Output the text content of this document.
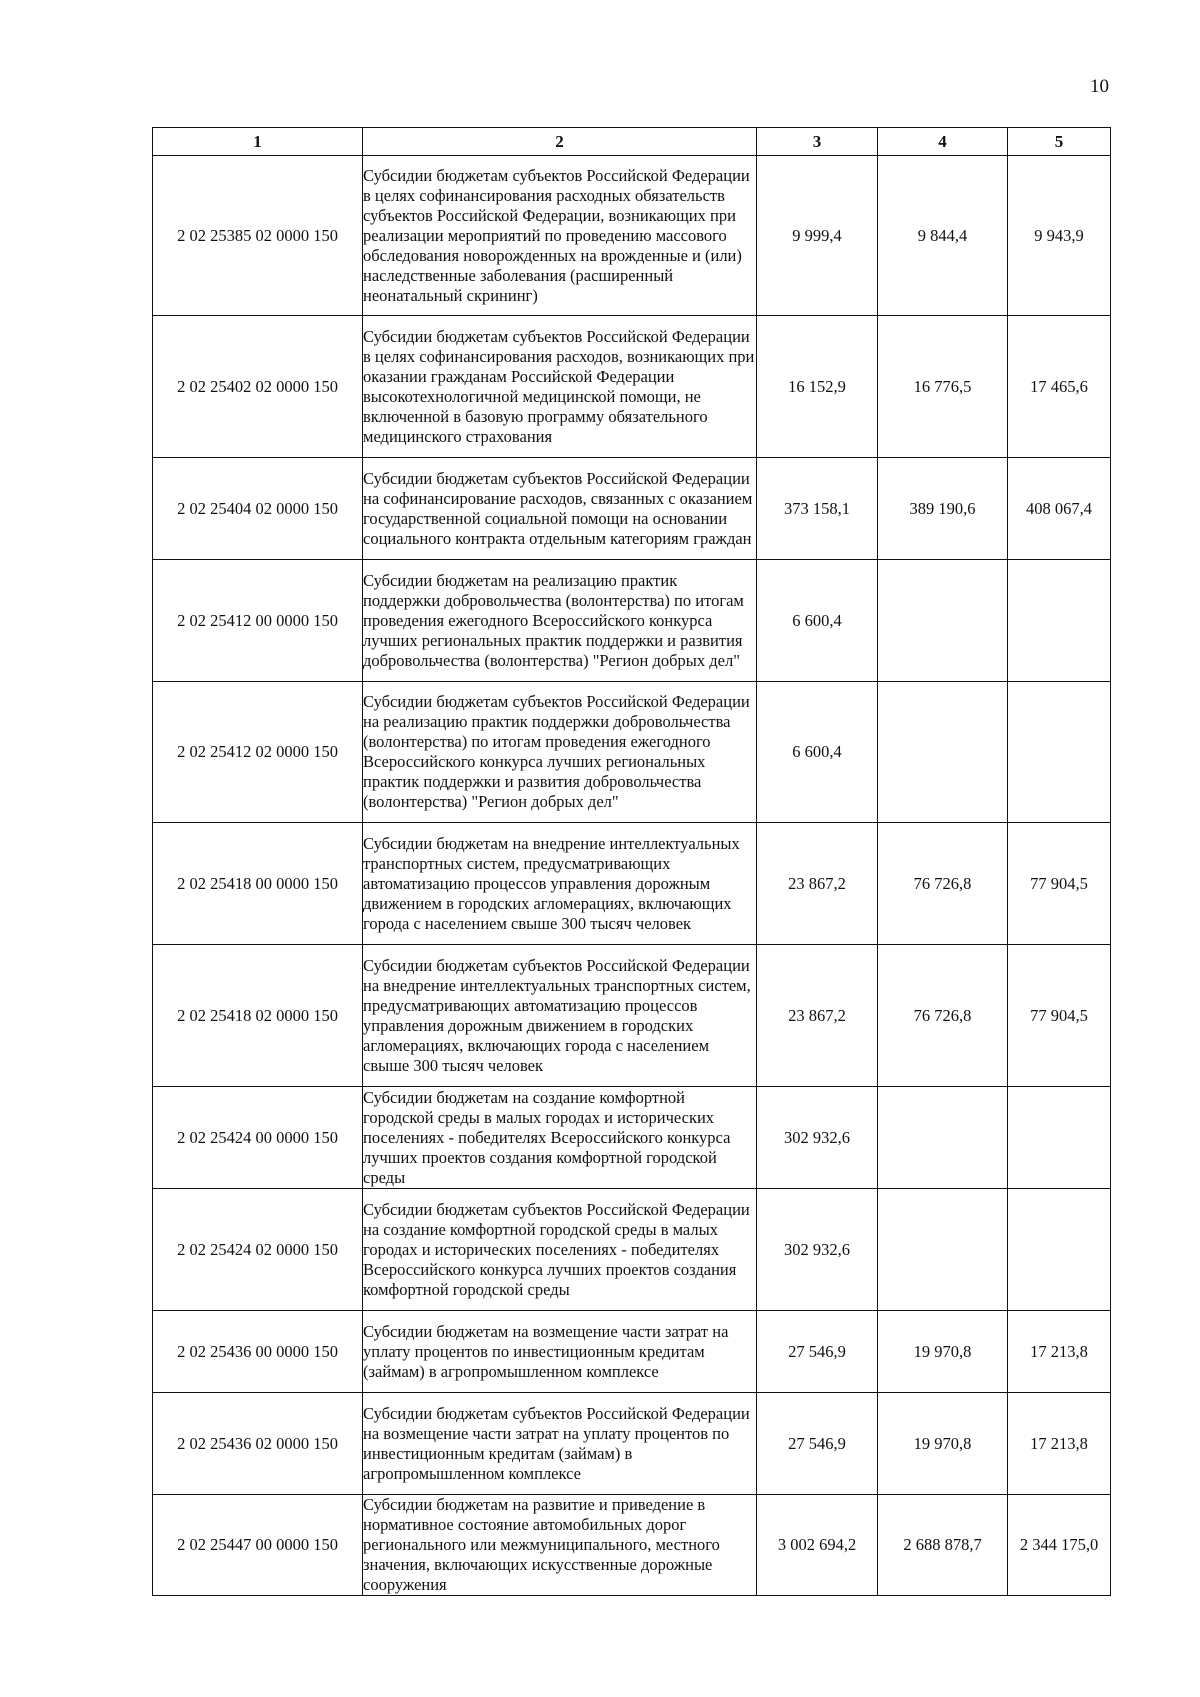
10
1	2	3	4	5
2 02 25385 02 0000 150	Субсидии бюджетам субъектов Российской Федерации в целях софинансирования расходных обязательств субъектов Российской Федерации, возникающих при реализации мероприятий по проведению массового обследования новорожденных на врожденные и (или) наследственные заболевания (расширенный неонатальный скрининг)	9 999,4	9 844,4	9 943,9
2 02 25402 02 0000 150	Субсидии бюджетам субъектов Российской Федерации в целях софинансирования расходов, возникающих при оказании гражданам Российской Федерации высокотехнологичной медицинской помощи, не включенной в базовую программу обязательного медицинского страхования	16 152,9	16 776,5	17 465,6
2 02 25404 02 0000 150	Субсидии бюджетам субъектов Российской Федерации на софинансирование расходов, связанных с оказанием государственной социальной помощи на основании социального контракта отдельным категориям граждан	373 158,1	389 190,6	408 067,4
2 02 25412 00 0000 150	Субсидии бюджетам на реализацию практик поддержки добровольчества (волонтерства) по итогам проведения ежегодного Всероссийского конкурса лучших региональных практик поддержки и развития добровольчества (волонтерства) "Регион добрых дел"	6 600,4		
2 02 25412 02 0000 150	Субсидии бюджетам субъектов Российской Федерации на реализацию практик поддержки добровольчества (волонтерства) по итогам проведения ежегодного Всероссийского конкурса лучших региональных практик поддержки и развития добровольчества (волонтерства) "Регион добрых дел"	6 600,4		
2 02 25418 00 0000 150	Субсидии бюджетам на внедрение интеллектуальных транспортных систем, предусматривающих автоматизацию процессов управления дорожным движением в городских агломерациях, включающих города с населением свыше 300 тысяч человек	23 867,2	76 726,8	77 904,5
2 02 25418 02 0000 150	Субсидии бюджетам субъектов Российской Федерации на внедрение интеллектуальных транспортных систем, предусматривающих автоматизацию процессов управления дорожным движением в городских агломерациях, включающих города с населением свыше 300 тысяч человек	23 867,2	76 726,8	77 904,5
2 02 25424 00 0000 150	Субсидии бюджетам на создание комфортной городской среды в малых городах и исторических поселениях - победителях Всероссийского конкурса лучших проектов создания комфортной городской среды	302 932,6		
2 02 25424 02 0000 150	Субсидии бюджетам субъектов Российской Федерации на создание комфортной городской среды в малых городах и исторических поселениях - победителях Всероссийского конкурса лучших проектов создания комфортной городской среды	302 932,6		
2 02 25436 00 0000 150	Субсидии бюджетам на возмещение части затрат на уплату процентов по инвестиционным кредитам (займам) в агропромышленном комплексе	27 546,9	19 970,8	17 213,8
2 02 25436 02 0000 150	Субсидии бюджетам субъектов Российской Федерации на возмещение части затрат на уплату процентов по инвестиционным кредитам (займам) в агропромышленном комплексе	27 546,9	19 970,8	17 213,8
2 02 25447 00 0000 150	Субсидии бюджетам на развитие и приведение в нормативное состояние автомобильных дорог регионального или межмуниципального, местного значения, включающих искусственные дорожные сооружения	3 002 694,2	2 688 878,7	2 344 175,0
